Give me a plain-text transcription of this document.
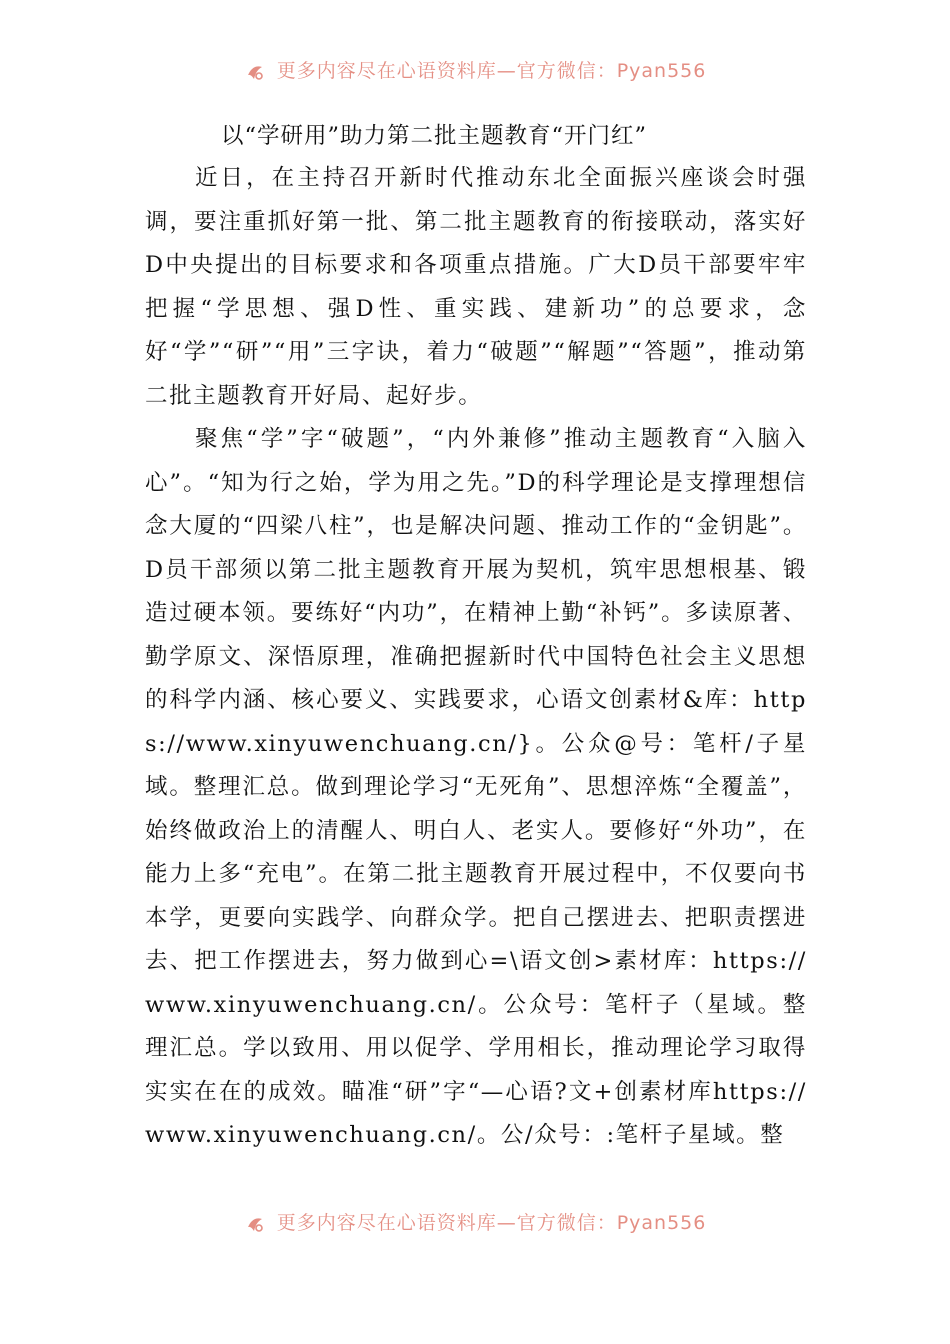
更多内容尽在心语资料库—官方微信：Pyan556
以“学研用”助力第二批主题教育“开门红”

近日，在主持召开新时代推动东北全面振兴座谈会时强调，要注重抓好第一批、第二批主题教育的衔接联动，落实好D中央提出的目标要求和各项重点措施。广大D员干部要牢牢把握“学思想、强D性、重实践、建新功”的总要求，念好“学”“研”“用”三字诀，着力“破题”“解题”“答题”，推动第二批主题教育开好局、起好步。

聚焦“学”字“破题”，“内外兼修”推动主题教育“入脑入心”。“知为行之始，学为用之先。”D的科学理论是支撑理想信念大厦的“四梁八柱”，也是解决问题、推动工作的“金钥匙”。D员干部须以第二批主题教育开展为契机，筑牢思想根基、锻造过硬本领。要练好“内功”，在精神上勤“补钙”。多读原著、勤学原文、深悟原理，准确把握新时代中国特色社会主义思想的科学内涵、核心要义、实践要求，心语文创素材&库：https://www.xinyuwenchuang.cn/}。公众@号：笔杆/子星域。整理汇总。做到理论学习“无死角”、思想淬炼“全覆盖”，始终做政治上的清醒人、明白人、老实人。要修好“外功”，在能力上多“充电”。在第二批主题教育开展过程中，不仅要向书本学，更要向实践学、向群众学。把自己摆进去、把职责摆进去、把工作摆进去，努力做到心=\语文创>素材库：https://www.xinyuwenchuang.cn/。公众号：笔杆子（星域。整理汇总。学以致用、用以促学、学用相长，推动理论学习取得实实在在的成效。瞄准“研”字“—心语?文+创素材库https://www.xinyuwenchuang.cn/。公/众号：:笔杆子星域。整

更多内容尽在心语资料库—官方微信：Pyan556
